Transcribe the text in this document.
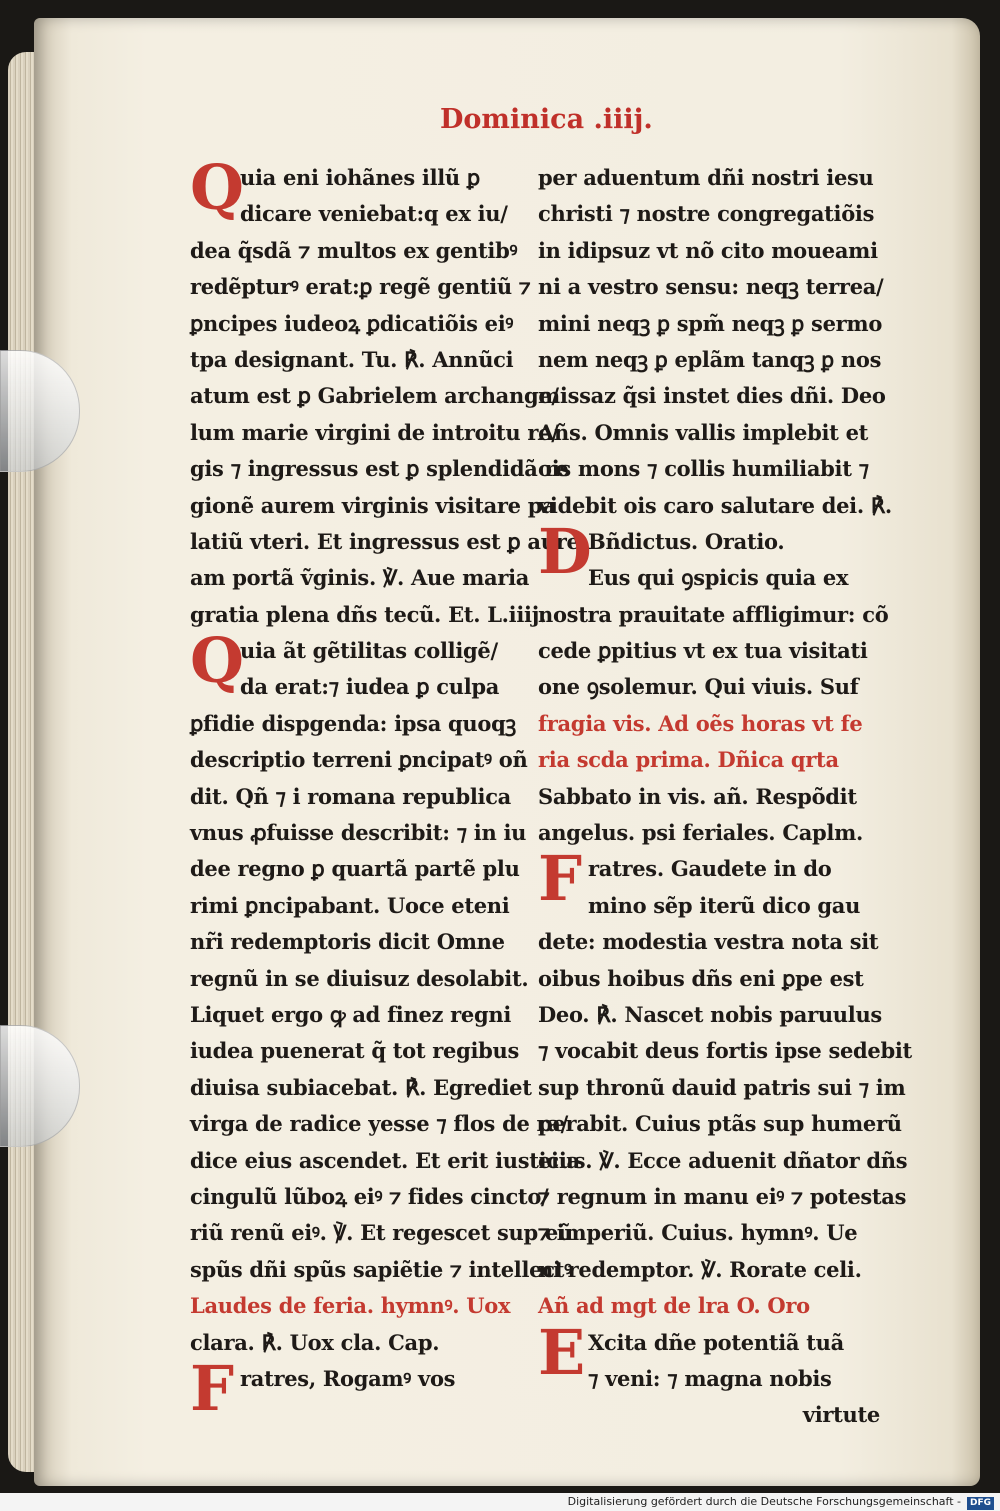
Dominica .iiij.
Q
uia eni iohãnes illũ ꝑ
dicare veniebat:q ex iu/
dea q̃sdã ⁊ multos ex gentibꝰ
redẽpturꝰ erat:ꝑ regẽ gentiũ ⁊
ꝑncipes iudeoꝝ ꝑdicatiõis eiꝰ
tpa designant. Tu. ℟. Annũci
atum est ꝑ Gabrielem archange/
lum marie virgini de introitu re/
gis ⁊ ingressus est ꝑ splendidã re
gionẽ aurem virginis visitare pa
latiũ vteri. Et ingressus est ꝑ aure
am portã ṽginis. ℣. Aue maria
gratia plena dñs tecũ. Et. L.iiij.
Q
uia ãt gẽtilitas colligẽ/
da erat:⁊ iudea ꝑ culpa
ꝑfidie dispgenda: ipsa quoqꝫ
descriptio terreni ꝑncipatꝰ oñ
dit. Qñ ⁊ i romana republica
vnus ꝓfuisse describit: ⁊ in iu
dee regno ꝑ quartã partẽ plu
rimi ꝑncipabant. Uoce eteni
nr̃i redemptoris dicit Omne
regnũ in se diuisuz desolabit.
Liquet ergo ꝙ ad finez regni
iudea puenerat q̃ tot regibus
diuisa subiacebat. ℟. Egrediet
virga de radice yesse ⁊ flos de ra/
dice eius ascendet. Et erit iusticia
cingulũ lũboꝝ eiꝰ ⁊ fides cincto/
riũ renũ eiꝰ. ℣. Et regescet sup eũ
spũs dñi spũs sapiẽtie ⁊ intellectꝰ
Laudes de feria. hymnꝰ. Uox
clara. ℟. Uox cla. Cap.
F ratres, Rogamꝰ vos
per aduentum dñi nostri iesu
christi ⁊ nostre congregatiõis
in idipsuz vt nõ cito moueami
ni a vestro sensu: neqꝫ terrea/
mini neqꝫ ꝑ spm̃ neqꝫ ꝑ sermo
nem neqꝫ ꝑ eplãm tanqꝫ ꝑ nos
missaz q̃si instet dies dñi. Deo
Añs. Omnis vallis implebit et
ois mons ⁊ collis humiliabit ⁊
videbit ois caro salutare dei. ℟.
D
Bñdictus. Oratio.
Eus qui ꝯspicis quia ex
nostra prauitate affligimur: cõ
cede ꝑpitius vt ex tua visitati
one ꝯsolemur. Qui viuis. Suf
fragia vis. Ad oẽs horas vt fe
ria scda prima. Dñica qrta
Sabbato in vis. añ. Respõdit
angelus. psi feriales. Caplm.
F ratres. Gaudete in do
mino sẽp iterũ dico gau
dete: modestia vestra nota sit
oibus hoibus dñs eni ꝑpe est
Deo. ℟. Nascet nobis paruulus
⁊ vocabit deus fortis ipse sedebit
sup thronũ dauid patris sui ⁊ im
perabit. Cuius ptãs sup humerũ
eius. ℣. Ecce aduenit dñator dñs
⁊ regnum in manu eiꝰ ⁊ potestas
⁊ imperiũ. Cuius. hymnꝰ. Ue
ni redemptor. ℣. Rorate celi.
Añ ad mgt de lra O. Oro
E Xcita dñe potentiã tuã
⁊ veni: ⁊ magna nobis
virtute
Digitalisierung gefördert durch die Deutsche Forschungsgemeinschaft - DFG
